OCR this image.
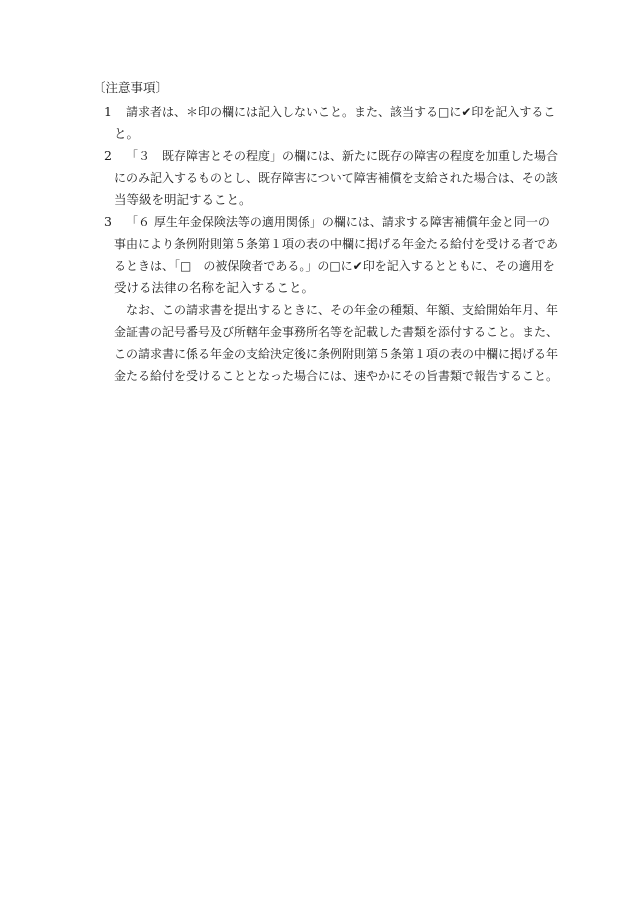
〔注意事項〕
1	請求者は、＊印の欄には記入しないこと。また、該当する□に✔印を記入するこ
と。
2	「３　既存障害とその程度」の欄には、新たに既存の障害の程度を加重した場合
にのみ記入するものとし、既存障害について障害補償を支給された場合は、その該
当等級を明記すること。
3	「６ 厚生年金保険法等の適用関係」の欄には、請求する障害補償年金と同一の
事由により条例附則第５条第１項の表の中欄に掲げる年金たる給付を受ける者であ
るときは、「□　の被保険者である。」の□に✔印を記入するとともに、その適用を
受ける法律の名称を記入すること。
なお、この請求書を提出するときに、その年金の種類、年額、支給開始年月、年
金証書の記号番号及び所轄年金事務所名等を記載した書類を添付すること。また、
この請求書に係る年金の支給決定後に条例附則第５条第１項の表の中欄に掲げる年
金たる給付を受けることとなった場合には、速やかにその旨書類で報告すること。
